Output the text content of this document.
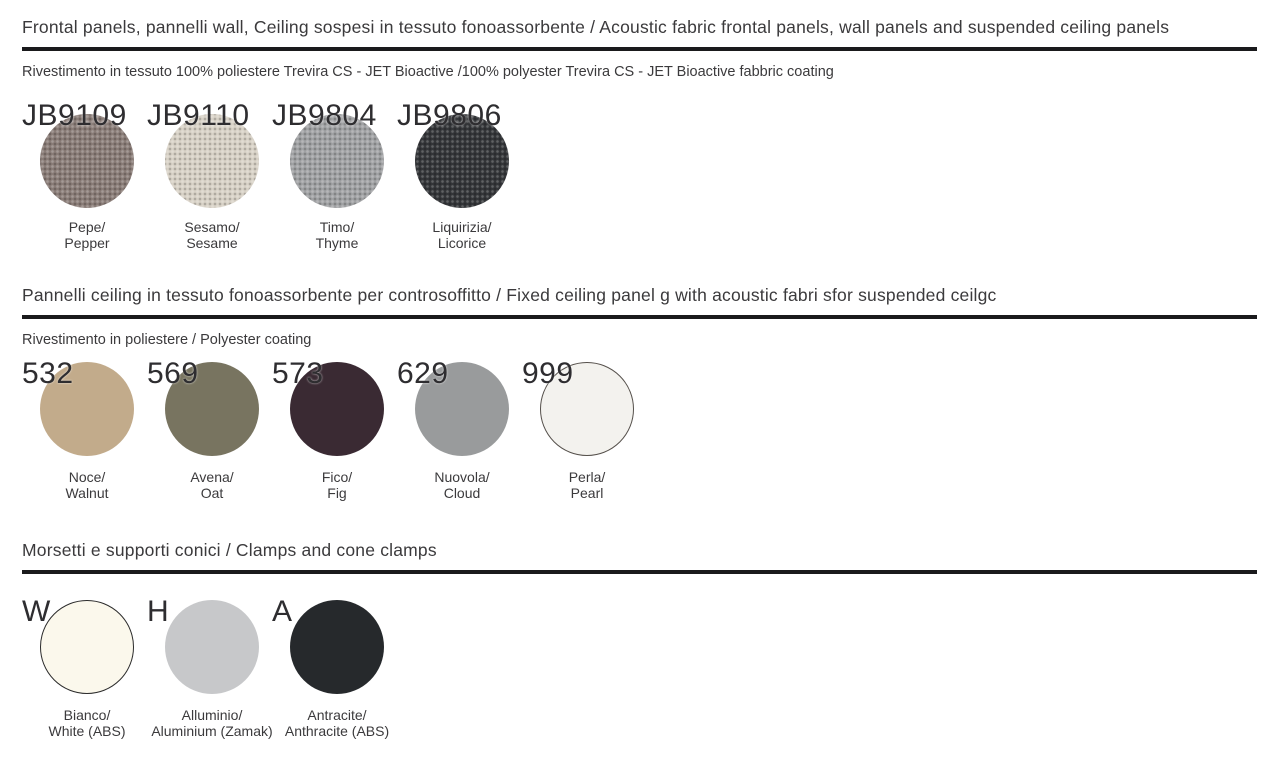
Frontal panels, pannelli wall, Ceiling sospesi in tessuto fonoassorbente / Acoustic fabric frontal panels, wall panels and suspended ceiling panels
Rivestimento in tessuto 100% poliestere Trevira CS - JET Bioactive /100% polyester Trevira CS - JET Bioactive fabbric coating
JB9109
Pepe/
Pepper
JB9110
Sesamo/
Sesame
JB9804
Timo/
Thyme
JB9806
Liquirizia/
Licorice
Pannelli ceiling in tessuto fonoassorbente per controsoffitto / Fixed ceiling panel g with acoustic fabri sfor suspended ceilgc
Rivestimento in poliestere / Polyester coating
532
Noce/
Walnut
569
Avena/
Oat
573
Fico/
Fig
629
Nuovola/
Cloud
999
Perla/
Pearl
Morsetti e supporti conici / Clamps and cone clamps
W
Bianco/
White (ABS)
H
Alluminio/
Aluminium (Zamak)
A
Antracite/
Anthracite (ABS)
